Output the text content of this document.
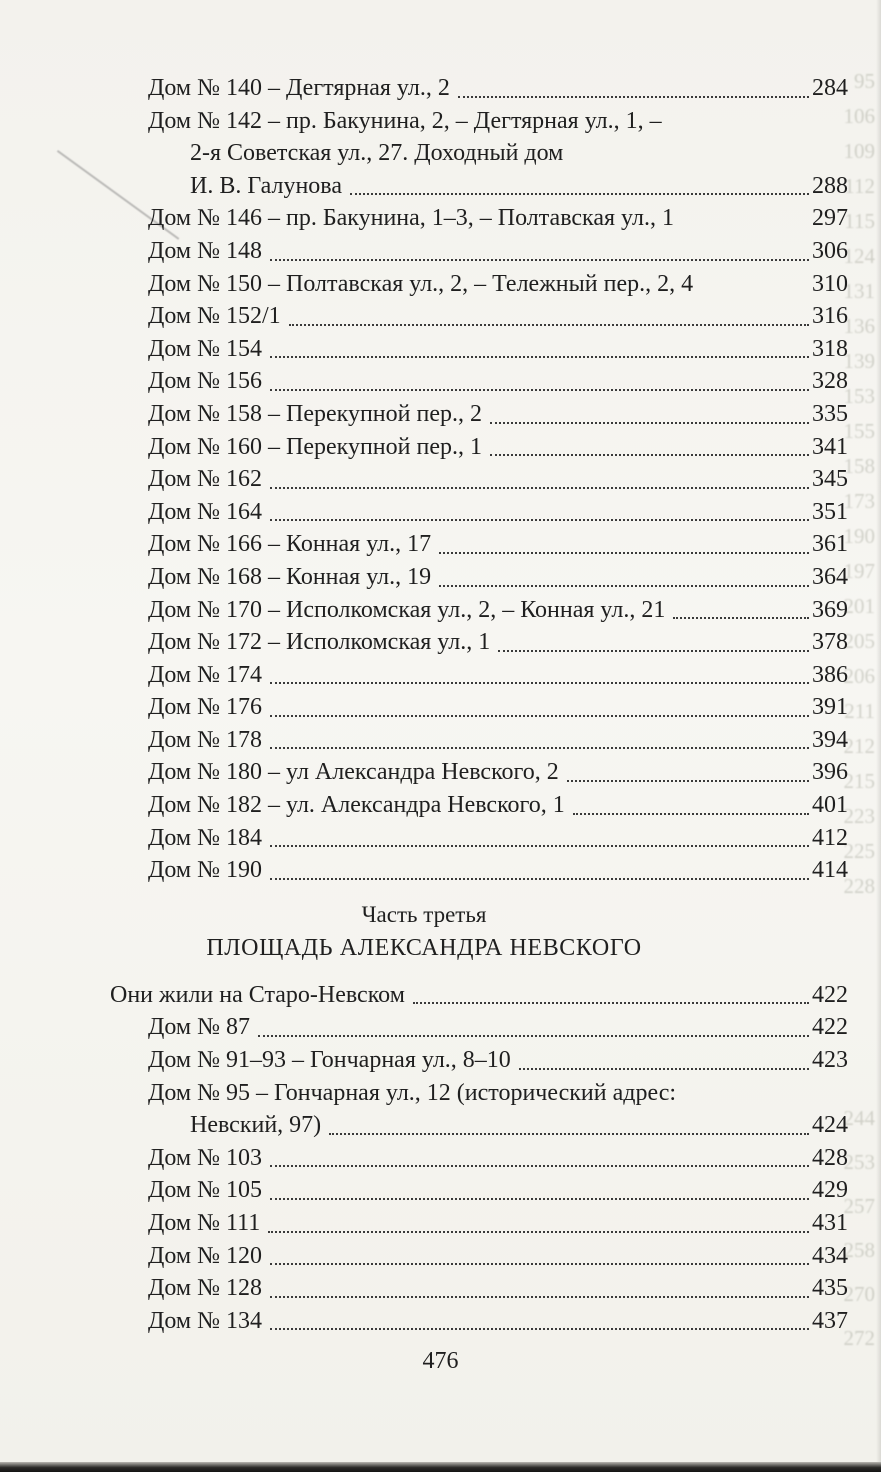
95
106
109
112
115
124
131
136
139
153
155
158
173
190
197
201
205
206
211
212
215
223
225
228
244
253
257
258
270
272
Дом № 140 – Дегтярная ул., 2	284
Дом № 142 – пр. Бакунина, 2, – Дегтярная ул., 1, –
2-я Советская ул., 27. Доходный дом
И. В. Галунова	288
Дом № 146 – пр. Бакунина, 1–3, – Полтавская ул., 1	297
Дом № 148	306
Дом № 150 – Полтавская ул., 2, – Тележный пер., 2, 4	310
Дом № 152/1	316
Дом № 154	318
Дом № 156	328
Дом № 158 – Перекупной пер., 2	335
Дом № 160 – Перекупной пер., 1	341
Дом № 162	345
Дом № 164	351
Дом № 166 – Конная ул., 17	361
Дом № 168 – Конная ул., 19	364
Дом № 170 – Исполкомская ул., 2, – Конная ул., 21	369
Дом № 172 – Исполкомская ул., 1	378
Дом № 174	386
Дом № 176	391
Дом № 178	394
Дом № 180 – ул Александра Невского, 2	396
Дом № 182 – ул. Александра Невского, 1	401
Дом № 184	412
Дом № 190	414
Часть третья
ПЛОЩАДЬ АЛЕКСАНДРА НЕВСКОГО
Они жили на Старо-Невском	422
Дом № 87	422
Дом № 91–93 – Гончарная ул., 8–10	423
Дом № 95 – Гончарная ул., 12 (исторический адрес:
Невский, 97)	424
Дом № 103	428
Дом № 105	429
Дом № 111	431
Дом № 120	434
Дом № 128	435
Дом № 134	437
476
